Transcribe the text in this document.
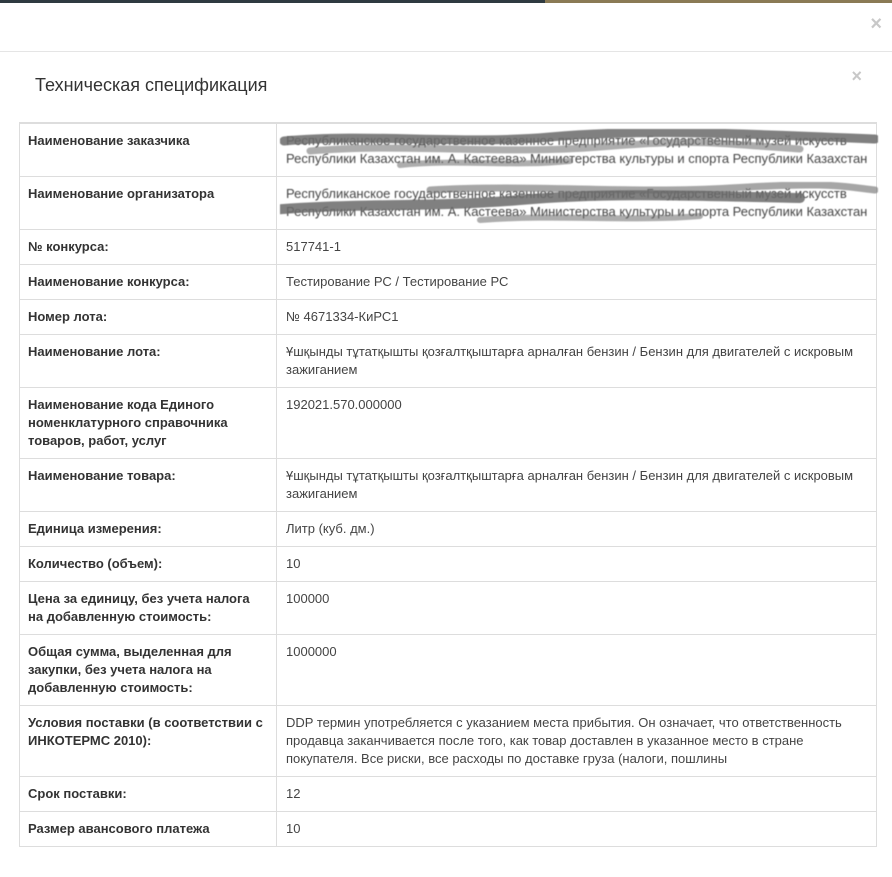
×
Техническая спецификация	×
Наименование заказчика	Республиканское государственное казенное предприятие «Государственный музей искусств Республики Казахстан им. А. Кастеева» Министерства культуры и спорта Республики Казахстан

Наименование организатора	Республиканское государственное казенное предприятие «Государственный музей искусств Республики Казахстан им. А. Кастеева» Министерства культуры и спорта Республики Казахстан

№ конкурса:	517741-1
Наименование конкурса:	Тестирование РС / Тестирование РС
Номер лота:	№ 4671334-КиРС1
Наименование лота:	Ұшқынды тұтатқышты қозғалтқыштарға арналған бензин / Бензин для двигателей с искровым зажиганием
Наименование кода Единого номенклатурного справочника товаров, работ, услуг	192021.570.000000
Наименование товара:	Ұшқынды тұтатқышты қозғалтқыштарға арналған бензин / Бензин для двигателей с искровым зажиганием
Единица измерения:	Литр (куб. дм.)
Количество (объем):	10
Цена за единицу, без учета налога на добавленную стоимость:	100000
Общая сумма, выделенная для закупки, без учета налога на добавленную стоимость:	1000000
Условия поставки (в соответствии с ИНКОТЕРМС 2010):	DDP термин употребляется с указанием места прибытия. Он означает, что ответственность продавца заканчивается после того, как товар доставлен в указанное место в стране покупателя. Все риски, все расходы по доставке груза (налоги, пошлины
Срок поставки:	12
Размер авансового платежа	10
